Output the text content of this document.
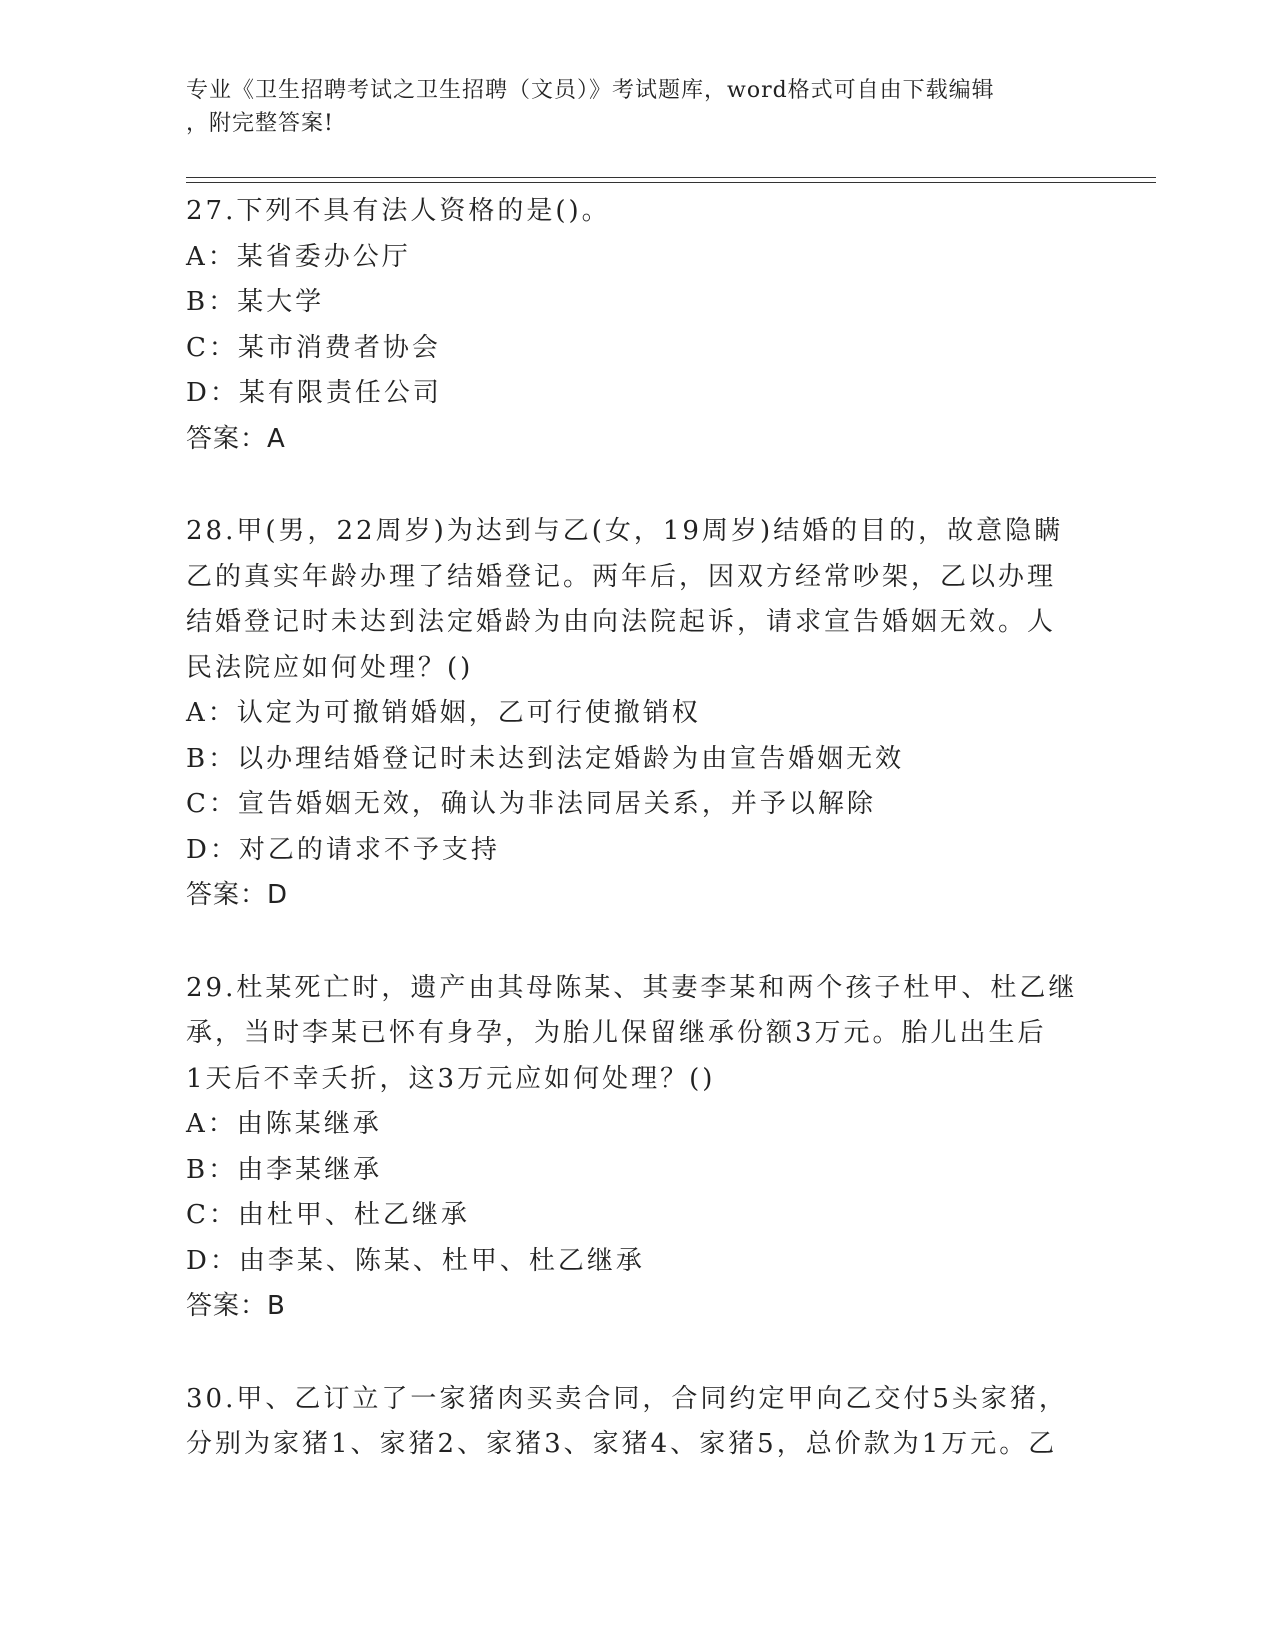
专业《卫生招聘考试之卫生招聘（文员）》考试题库，word格式可自由下载编辑
，附完整答案!

27.下列不具有法人资格的是()。

A：某省委办公厅

B：某大学

C：某市消费者协会

D：某有限责任公司

答案：A

28.甲(男，22周岁)为达到与乙(女，19周岁)结婚的目的，故意隐瞒

乙的真实年龄办理了结婚登记。两年后，因双方经常吵架，乙以办理

结婚登记时未达到法定婚龄为由向法院起诉，请求宣告婚姻无效。人

民法院应如何处理？()

A：认定为可撤销婚姻，乙可行使撤销权

B：以办理结婚登记时未达到法定婚龄为由宣告婚姻无效

C：宣告婚姻无效，确认为非法同居关系，并予以解除

D：对乙的请求不予支持

答案：D

29.杜某死亡时，遗产由其母陈某、其妻李某和两个孩子杜甲、杜乙继

承，当时李某已怀有身孕，为胎儿保留继承份额3万元。胎儿出生后

1天后不幸夭折，这3万元应如何处理？()

A：由陈某继承

B：由李某继承

C：由杜甲、杜乙继承

D：由李某、陈某、杜甲、杜乙继承

答案：B

30.甲、乙订立了一家猪肉买卖合同，合同约定甲向乙交付5头家猪，

分别为家猪1、家猪2、家猪3、家猪4、家猪5，总价款为1万元。乙
